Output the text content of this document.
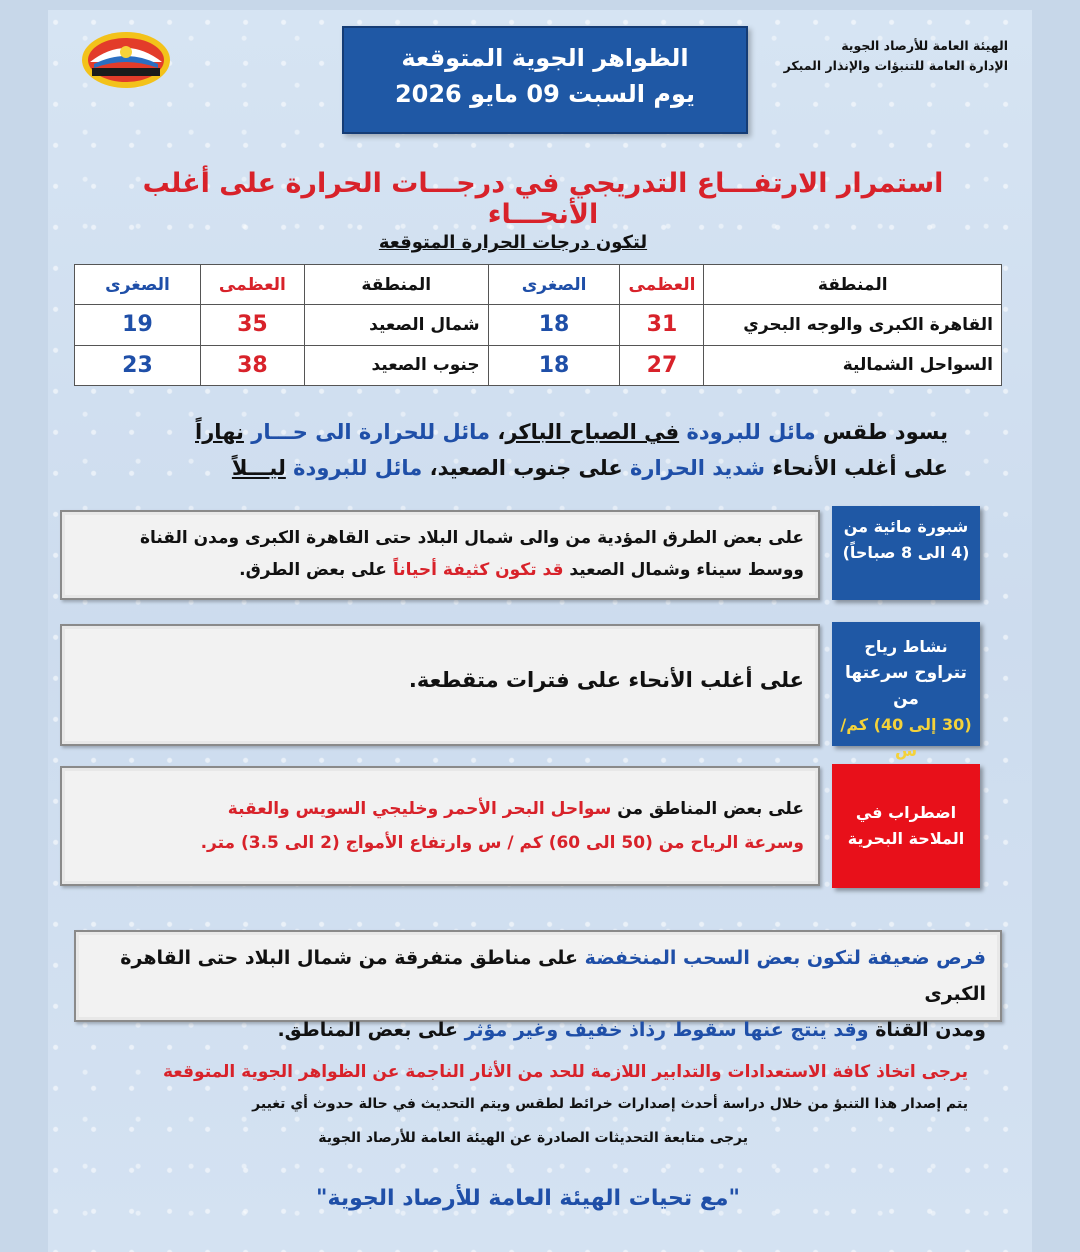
الهيئة العامة للأرصاد الجوية
الإدارة العامة للتنبؤات والإنذار المبكر
الظواهر الجوية المتوقعة
يوم السبت 09 مايو 2026
استمرار الارتفـــاع التدريجي في درجـــات الحرارة على أغلب الأنحـــاء
لتكون درجات الحرارة المتوقعة
المنطقة	العظمى	الصغرى	المنطقة	العظمى	الصغرى
القاهرة الكبرى والوجه البحري	31	18	شمال الصعيد	35	19
السواحل الشمالية	27	18	جنوب الصعيد	38	23
يسود طقس مائل للبرودة في الصباح الباكر، مائل للحرارة الى حـــار نهاراً
على أغلب الأنحاء شديد الحرارة على جنوب الصعيد، مائل للبرودة ليـــلاً
شبورة مائية من
(4 الى 8 صباحاً)
على بعض الطرق المؤدية من والى شمال البلاد حتى القاهرة الكبرى ومدن القناة
ووسط سيناء وشمال الصعيد قد تكون كثيفة أحياناً على بعض الطرق.
نشاط رياح
تتراوح سرعتها من
(30 إلى 40) كم/س
على أغلب الأنحاء على فترات متقطعة.
اضطراب في
الملاحة البحرية
على بعض المناطق من سواحل البحر الأحمر وخليجي السويس والعقبة
وسرعة الرياح من (50 الى 60) كم / س وارتفاع الأمواج (2 الى 3.5) متر.
فرص ضعيفة لتكون بعض السحب المنخفضة على مناطق متفرقة من شمال البلاد حتى القاهرة الكبرى
ومدن القناة وقد ينتج عنها سقوط رذاذ خفيف وغير مؤثر على بعض المناطق.
يرجى اتخاذ كافة الاستعدادات والتدابير اللازمة للحد من الأثار الناجمة عن الظواهر الجوية المتوقعة
يتم إصدار هذا التنبؤ من خلال دراسة أحدث إصدارات خرائط لطقس ويتم التحديث في حالة حدوث أي تغيير
يرجى متابعة التحديثات الصادرة عن الهيئة العامة للأرصاد الجوية
"مع تحيات الهيئة العامة للأرصاد الجوية"
